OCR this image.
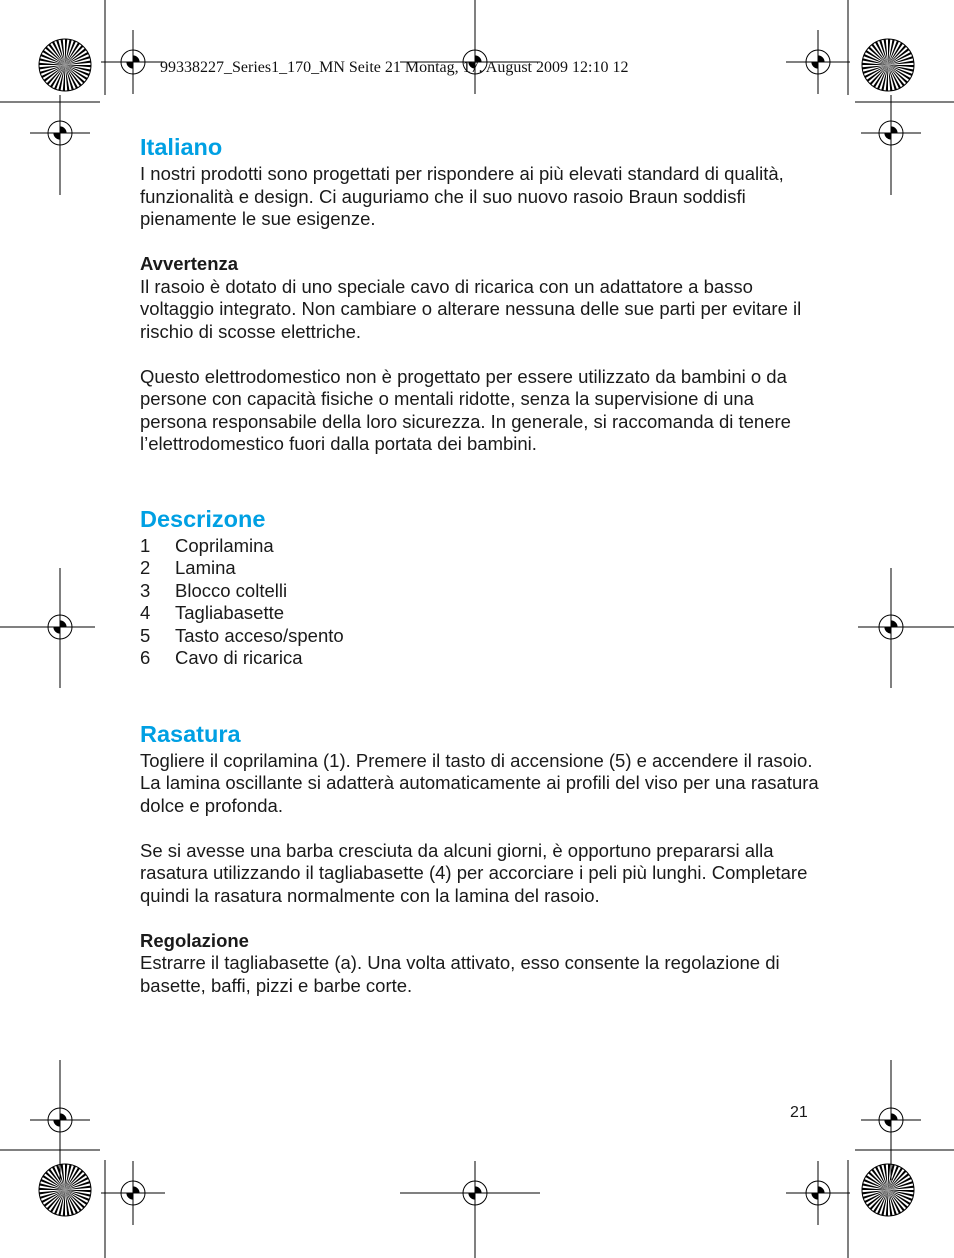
99338227_Series1_170_MN Seite 21 Montag, 17. August 2009 12:10 12
Italiano

I nostri prodotti sono progettati per rispondere ai più elevati standard di qualità, funzionalità e design. Ci auguriamo che il suo nuovo rasoio Braun soddisfi pienamente le sue esigenze.

Avvertenza

Il rasoio è dotato di uno speciale cavo di ricarica con un adattatore a basso voltaggio integrato. Non cambiare o alterare nessuna delle sue parti per evitare il rischio di scosse elettriche.

Questo elettrodomestico non è progettato per essere utilizzato da bambini o da persone con capacità fisiche o mentali ridotte, senza la supervisione di una persona responsabile della loro sicurezza. In generale, si raccomanda di tenere l’elettrodomestico fuori dalla portata dei bambini.

Descrizone
1	Coprilamina
2	Lamina
3	Blocco coltelli
4	Tagliabasette
5	Tasto acceso/spento
6	Cavo di ricarica
Rasatura

Togliere il coprilamina (1). Premere il tasto di accensione (5) e accendere il rasoio. La lamina oscillante si adatterà automaticamente ai profili del viso per una rasatura dolce e profonda.

Se si avesse una barba cresciuta da alcuni giorni, è opportuno prepararsi alla rasatura utilizzando il tagliabasette (4) per accorciare i peli più lunghi. Completare quindi la rasatura normalmente con la lamina del rasoio.

Regolazione

Estrarre il tagliabasette (a). Una volta attivato, esso consente la regolazione di basette, baffi, pizzi e barbe corte.

21
